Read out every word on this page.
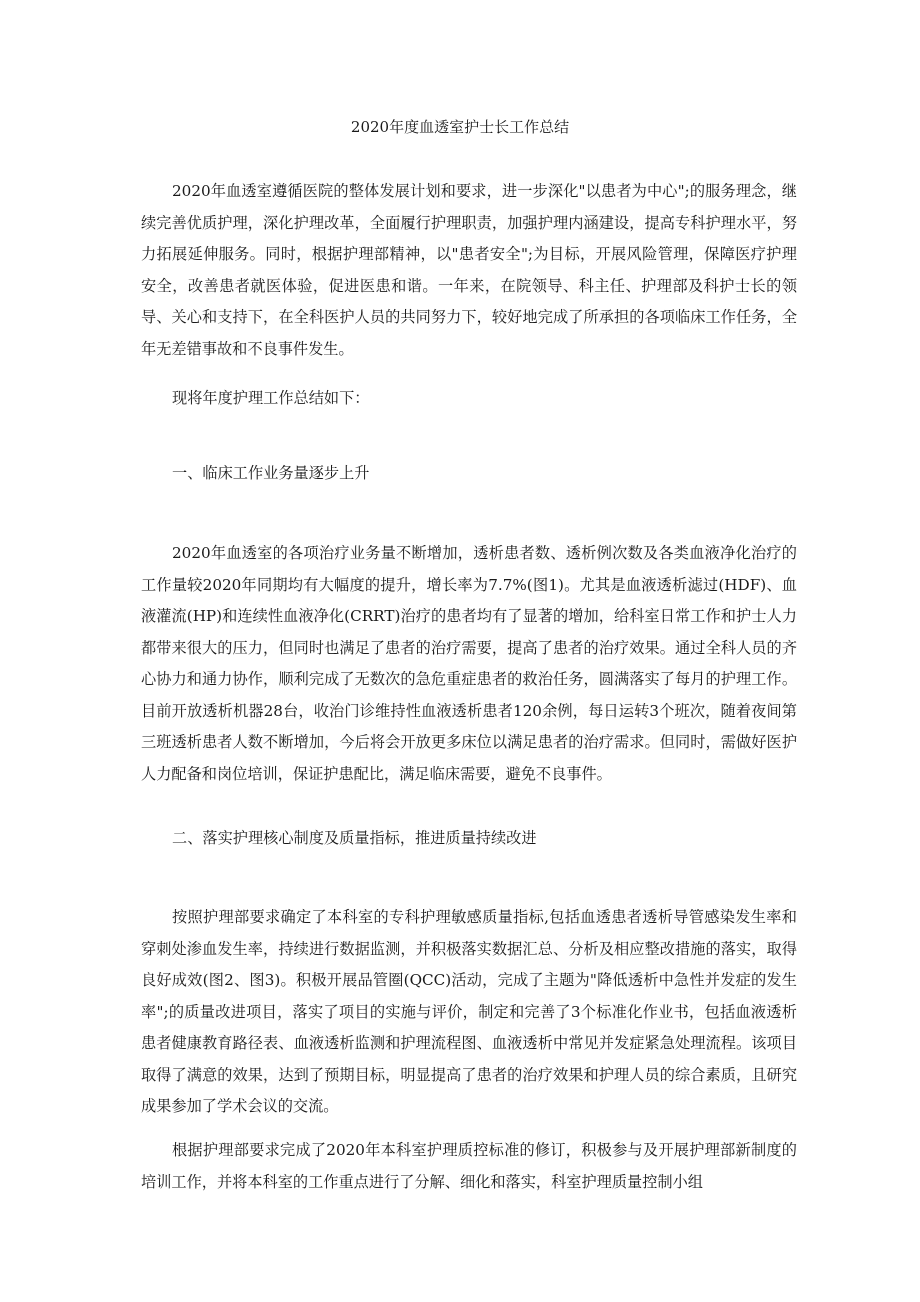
2020年度血透室护士长工作总结

2020年血透室遵循医院的整体发展计划和要求，进一步深化"以患者为中心";的服务理念，继续完善优质护理，深化护理改革，全面履行护理职责，加强护理内涵建设，提高专科护理水平，努力拓展延伸服务。同时，根据护理部精神，以"患者安全";为目标，开展风险管理，保障医疗护理安全，改善患者就医体验，促进医患和谐。一年来，在院领导、科主任、护理部及科护士长的领导、关心和支持下，在全科医护人员的共同努力下，较好地完成了所承担的各项临床工作任务，全年无差错事故和不良事件发生。

现将年度护理工作总结如下：

一、临床工作业务量逐步上升

2020年血透室的各项治疗业务量不断增加，透析患者数、透析例次数及各类血液净化治疗的工作量较2020年同期均有大幅度的提升，增长率为7.7%(图1)。尤其是血液透析滤过(HDF)、血液灌流(HP)和连续性血液净化(CRRT)治疗的患者均有了显著的增加，给科室日常工作和护士人力都带来很大的压力，但同时也满足了患者的治疗需要，提高了患者的治疗效果。通过全科人员的齐心协力和通力协作，顺利完成了无数次的急危重症患者的救治任务，圆满落实了每月的护理工作。目前开放透析机器28台，收治门诊维持性血液透析患者120余例，每日运转3个班次，随着夜间第三班透析患者人数不断增加，今后将会开放更多床位以满足患者的治疗需求。但同时，需做好医护人力配备和岗位培训，保证护患配比，满足临床需要，避免不良事件。

二、落实护理核心制度及质量指标，推进质量持续改进

按照护理部要求确定了本科室的专科护理敏感质量指标,包括血透患者透析导管感染发生率和穿刺处渗血发生率，持续进行数据监测，并积极落实数据汇总、分析及相应整改措施的落实，取得良好成效(图2、图3)。积极开展品管圈(QCC)活动，完成了主题为"降低透析中急性并发症的发生率";的质量改进项目，落实了项目的实施与评价，制定和完善了3个标准化作业书，包括血液透析患者健康教育路径表、血液透析监测和护理流程图、血液透析中常见并发症紧急处理流程。该项目取得了满意的效果，达到了预期目标，明显提高了患者的治疗效果和护理人员的综合素质，且研究成果参加了学术会议的交流。

根据护理部要求完成了2020年本科室护理质控标准的修订，积极参与及开展护理部新制度的培训工作，并将本科室的工作重点进行了分解、细化和落实，科室护理质量控制小组
